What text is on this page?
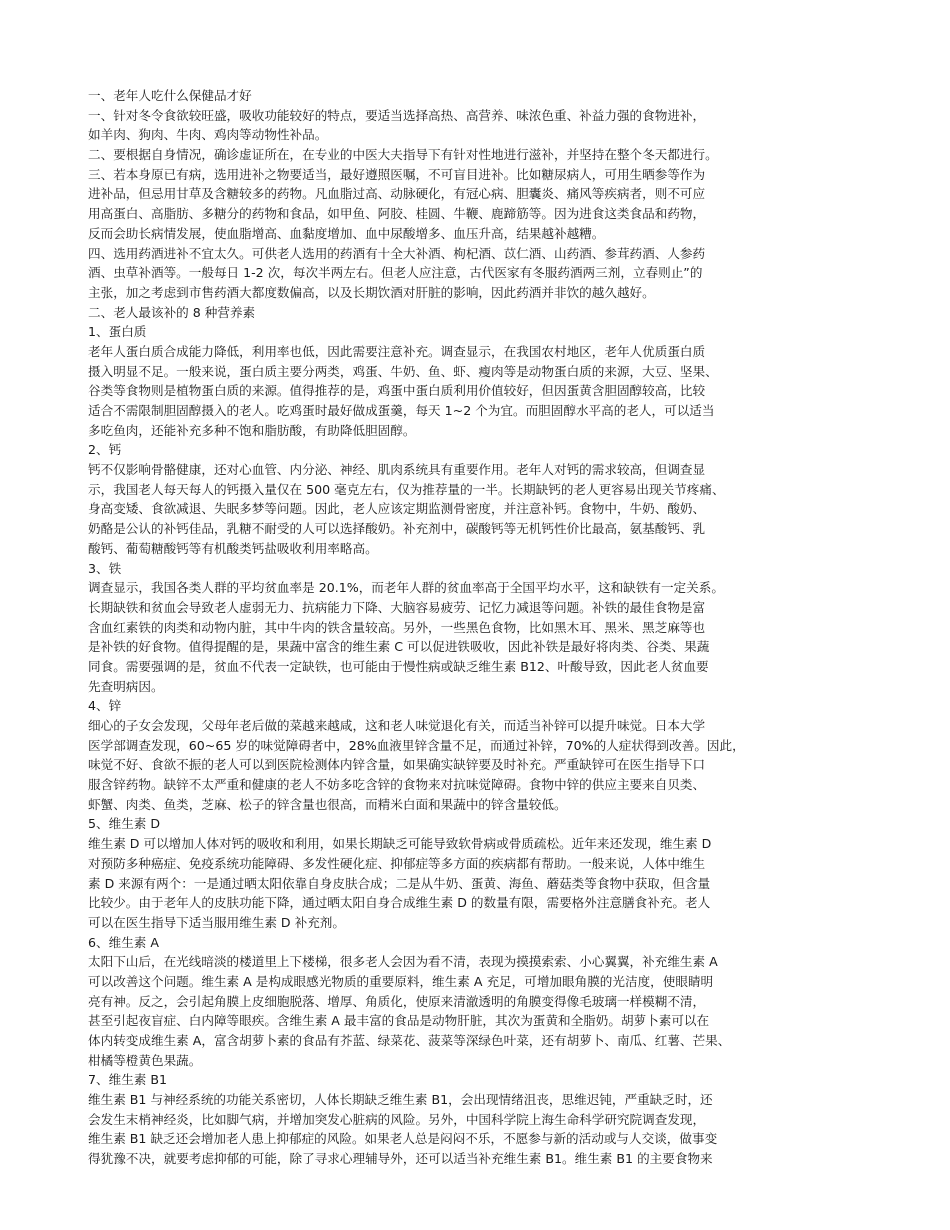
一、老年人吃什么保健品才好
一、针对冬令食欲较旺盛，吸收功能较好的特点，要适当选择高热、高营养、味浓色重、补益力强的食物进补，
如羊肉、狗肉、牛肉、鸡肉等动物性补品。
二、要根据自身情况，确诊虚证所在，在专业的中医大夫指导下有针对性地进行滋补，并坚持在整个冬天都进行。
三、若本身原已有病，选用进补之物要适当，最好遵照医嘱，不可盲目进补。比如糖尿病人，可用生晒参等作为
进补品，但忌用甘草及含糖较多的药物。凡血脂过高、动脉硬化，有冠心病、胆囊炎、痛风等疾病者，则不可应
用高蛋白、高脂肪、多糖分的药物和食品，如甲鱼、阿胶、桂圆、牛鞭、鹿蹄筋等。因为进食这类食品和药物，
反而会助长病情发展，使血脂增高、血黏度增加、血中尿酸增多、血压升高，结果越补越糟。
四、选用药酒进补不宜太久。可供老人选用的药酒有十全大补酒、枸杞酒、苡仁酒、山药酒、参茸药酒、人参药
酒、虫草补酒等。一般每日 1-2 次，每次半两左右。但老人应注意，古代医家有冬服药酒两三剂，立春则止”的
主张，加之考虑到市售药酒大都度数偏高，以及长期饮酒对肝脏的影响，因此药酒并非饮的越久越好。
二、老人最该补的 8 种营养素
1、蛋白质
老年人蛋白质合成能力降低，利用率也低，因此需要注意补充。调查显示，在我国农村地区，老年人优质蛋白质
摄入明显不足。一般来说，蛋白质主要分两类，鸡蛋、牛奶、鱼、虾、瘦肉等是动物蛋白质的来源，大豆、坚果、
谷类等食物则是植物蛋白质的来源。值得推荐的是，鸡蛋中蛋白质利用价值较好，但因蛋黄含胆固醇较高，比较
适合不需限制胆固醇摄入的老人。吃鸡蛋时最好做成蛋羹，每天 1~2 个为宜。而胆固醇水平高的老人，可以适当
多吃鱼肉，还能补充多种不饱和脂肪酸，有助降低胆固醇。
2、钙
钙不仅影响骨骼健康，还对心血管、内分泌、神经、肌肉系统具有重要作用。老年人对钙的需求较高，但调查显
示，我国老人每天每人的钙摄入量仅在 500 毫克左右，仅为推荐量的一半。长期缺钙的老人更容易出现关节疼痛、
身高变矮、食欲减退、失眠多梦等问题。因此，老人应该定期监测骨密度，并注意补钙。食物中，牛奶、酸奶、
奶酪是公认的补钙佳品，乳糖不耐受的人可以选择酸奶。补充剂中，碳酸钙等无机钙性价比最高，氨基酸钙、乳
酸钙、葡萄糖酸钙等有机酸类钙盐吸收利用率略高。
3、铁
调查显示，我国各类人群的平均贫血率是 20.1%，而老年人群的贫血率高于全国平均水平，这和缺铁有一定关系。
长期缺铁和贫血会导致老人虚弱无力、抗病能力下降、大脑容易疲劳、记忆力减退等问题。补铁的最佳食物是富
含血红素铁的肉类和动物内脏，其中牛肉的铁含量较高。另外，一些黑色食物，比如黑木耳、黑米、黑芝麻等也
是补铁的好食物。值得提醒的是，果蔬中富含的维生素 C 可以促进铁吸收，因此补铁是最好将肉类、谷类、果蔬
同食。需要强调的是，贫血不代表一定缺铁，也可能由于慢性病或缺乏维生素 B12、叶酸导致，因此老人贫血要
先查明病因。
4、锌
细心的子女会发现，父母年老后做的菜越来越咸，这和老人味觉退化有关，而适当补锌可以提升味觉。日本大学
医学部调查发现，60~65 岁的味觉障碍者中，28%血液里锌含量不足，而通过补锌，70%的人症状得到改善。因此，
味觉不好、食欲不振的老人可以到医院检测体内锌含量，如果确实缺锌要及时补充。严重缺锌可在医生指导下口
服含锌药物。缺锌不太严重和健康的老人不妨多吃含锌的食物来对抗味觉障碍。食物中锌的供应主要来自贝类、
虾蟹、肉类、鱼类，芝麻、松子的锌含量也很高，而精米白面和果蔬中的锌含量较低。
5、维生素 D
维生素 D 可以增加人体对钙的吸收和利用，如果长期缺乏可能导致软骨病或骨质疏松。近年来还发现，维生素 D
对预防多种癌症、免疫系统功能障碍、多发性硬化症、抑郁症等多方面的疾病都有帮助。一般来说，人体中维生
素 D 来源有两个：一是通过晒太阳依靠自身皮肤合成；二是从牛奶、蛋黄、海鱼、蘑菇类等食物中获取，但含量
比较少。由于老年人的皮肤功能下降，通过晒太阳自身合成维生素 D 的数量有限，需要格外注意膳食补充。老人
可以在医生指导下适当服用维生素 D 补充剂。
6、维生素 A
太阳下山后，在光线暗淡的楼道里上下楼梯，很多老人会因为看不清，表现为摸摸索索、小心翼翼，补充维生素 A
可以改善这个问题。维生素 A 是构成眼感光物质的重要原料，维生素 A 充足，可增加眼角膜的光洁度，使眼睛明
亮有神。反之，会引起角膜上皮细胞脱落、增厚、角质化，使原来清澈透明的角膜变得像毛玻璃一样模糊不清，
甚至引起夜盲症、白内障等眼疾。含维生素 A 最丰富的食品是动物肝脏，其次为蛋黄和全脂奶。胡萝卜素可以在
体内转变成维生素 A，富含胡萝卜素的食品有芥蓝、绿菜花、菠菜等深绿色叶菜，还有胡萝卜、南瓜、红薯、芒果、
柑橘等橙黄色果蔬。
7、维生素 B1
维生素 B1 与神经系统的功能关系密切，人体长期缺乏维生素 B1，会出现情绪沮丧，思维迟钝，严重缺乏时，还
会发生末梢神经炎，比如脚气病，并增加突发心脏病的风险。另外，中国科学院上海生命科学研究院调查发现，
维生素 B1 缺乏还会增加老人患上抑郁症的风险。如果老人总是闷闷不乐，不愿参与新的活动或与人交谈，做事变
得犹豫不决，就要考虑抑郁的可能，除了寻求心理辅导外，还可以适当补充维生素 B1。维生素 B1 的主要食物来
